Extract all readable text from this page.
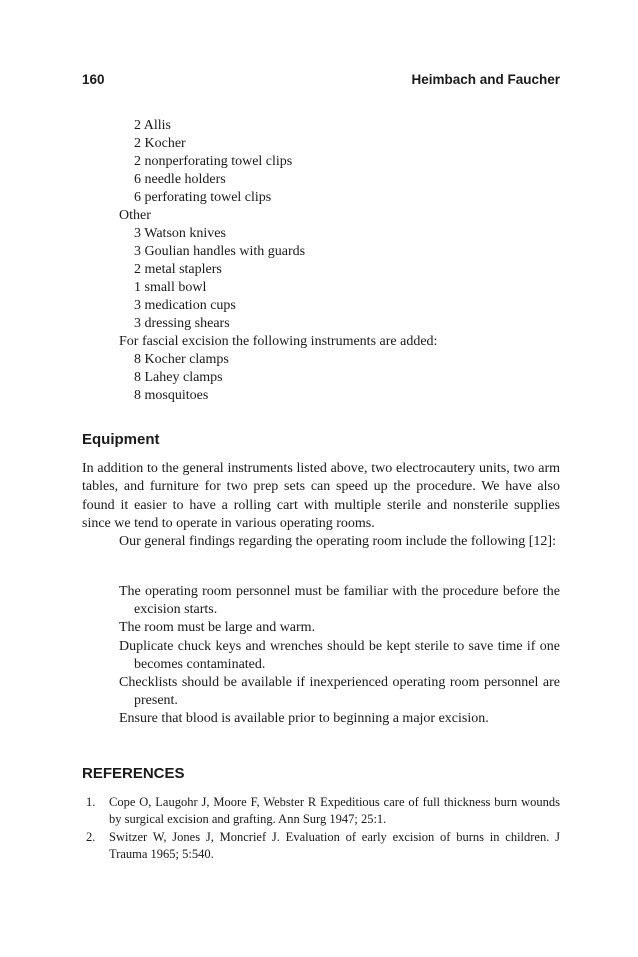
160	Heimbach and Faucher
2 Allis
2 Kocher
2 nonperforating towel clips
6 needle holders
6 perforating towel clips
Other
3 Watson knives
3 Goulian handles with guards
2 metal staplers
1 small bowl
3 medication cups
3 dressing shears
For fascial excision the following instruments are added:
8 Kocher clamps
8 Lahey clamps
8 mosquitoes
Equipment

In addition to the general instruments listed above, two electrocautery units, two arm tables, and furniture for two prep sets can speed up the procedure. We have also found it easier to have a rolling cart with multiple sterile and nonsterile supplies since we tend to operate in various operating rooms.

Our general findings regarding the operating room include the following [12]:

The operating room personnel must be familiar with the procedure before the excision starts.
The room must be large and warm.
Duplicate chuck keys and wrenches should be kept sterile to save time if one becomes contaminated.
Checklists should be available if inexperienced operating room personnel are present.
Ensure that blood is available prior to beginning a major excision.
REFERENCES
1.	Cope O, Laugohr J, Moore F, Webster R Expeditious care of full thickness burn wounds by surgical excision and grafting. Ann Surg 1947; 25:1.
2.	Switzer W, Jones J, Moncrief J. Evaluation of early excision of burns in children. J Trauma 1965; 5:540.
